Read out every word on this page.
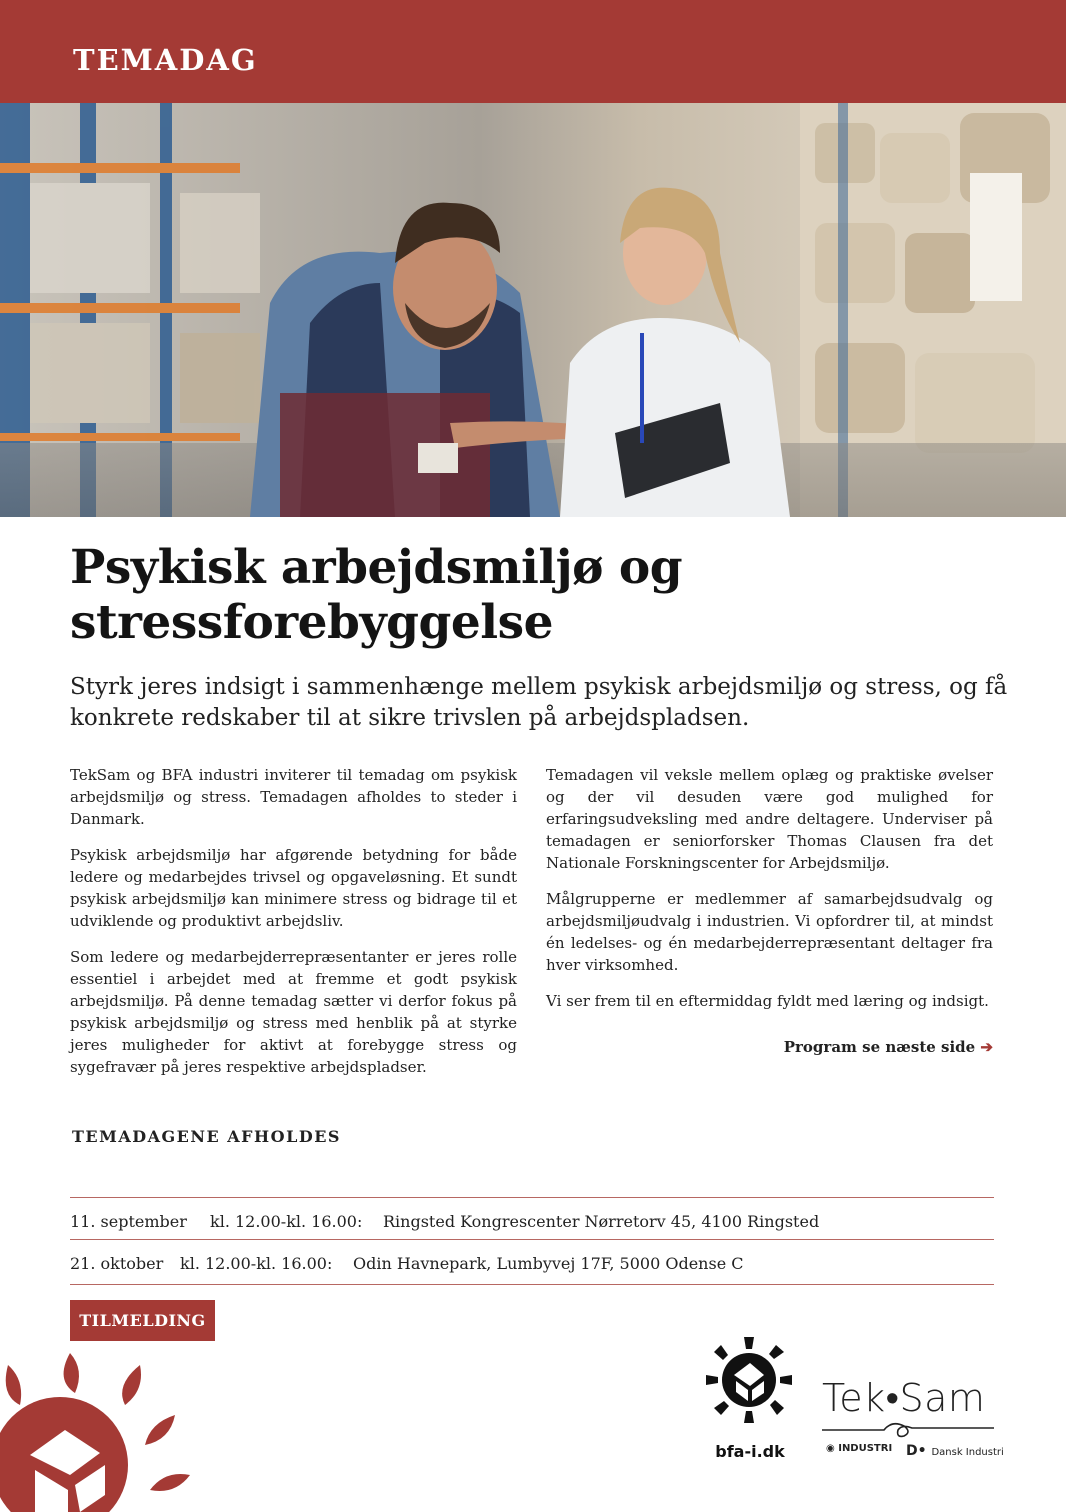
TEMADAG
Psykisk arbejdsmiljø og stressforebyggelse

Styrk jeres indsigt i sammenhænge mellem psykisk arbejdsmiljø og stress, og få konkrete redskaber til at sikre trivslen på arbejdspladsen.

TekSam og BFA industri inviterer til temadag om psykisk arbejdsmiljø og stress. Temadagen afholdes to steder i Danmark.

Psykisk arbejdsmiljø har afgørende betydning for både ledere og medarbejdes trivsel og opgaveløsning. Et sundt psykisk arbejdsmiljø kan minimere stress og bidrage til et udviklende og produktivt arbejdsliv.

Som ledere og medarbejderrepræsentanter er jeres rolle essentiel i arbejdet med at fremme et godt psykisk arbejdsmiljø. På denne temadag sætter vi derfor fokus på psykisk arbejdsmiljø og stress med henblik på at styrke jeres muligheder for aktivt at forebygge stress og sygefravær på jeres respektive arbejdspladser.

Temadagen vil veksle mellem oplæg og praktiske øvelser og der vil desuden være god mulighed for erfaringsudveksling med andre deltagere. Underviser på temadagen er seniorforsker Thomas Clausen fra det Nationale Forskningscenter for Arbejdsmiljø.

Målgrupperne er medlemmer af samarbejdsudvalg og arbejdsmiljøudvalg i industrien. Vi opfordrer til, at mindst én ledelses- og én medarbejderrepræsentant deltager fra hver virksomhed.

Vi ser frem til en eftermiddag fyldt med læring og indsigt.

Program se næste side ➔

TEMADAGENE AFHOLDES
11. september kl. 12.00-kl. 16.00: Ringsted Kongrescenter Nørretorv 45, 4100 Ringsted
21. oktober kl. 12.00-kl. 16.00: Odin Havnepark, Lumbyvej 17F, 5000 Odense C
TILMELDING
bfa-i.dk
Tek•Sam
◉ INDUSTRI D• Dansk Industri
